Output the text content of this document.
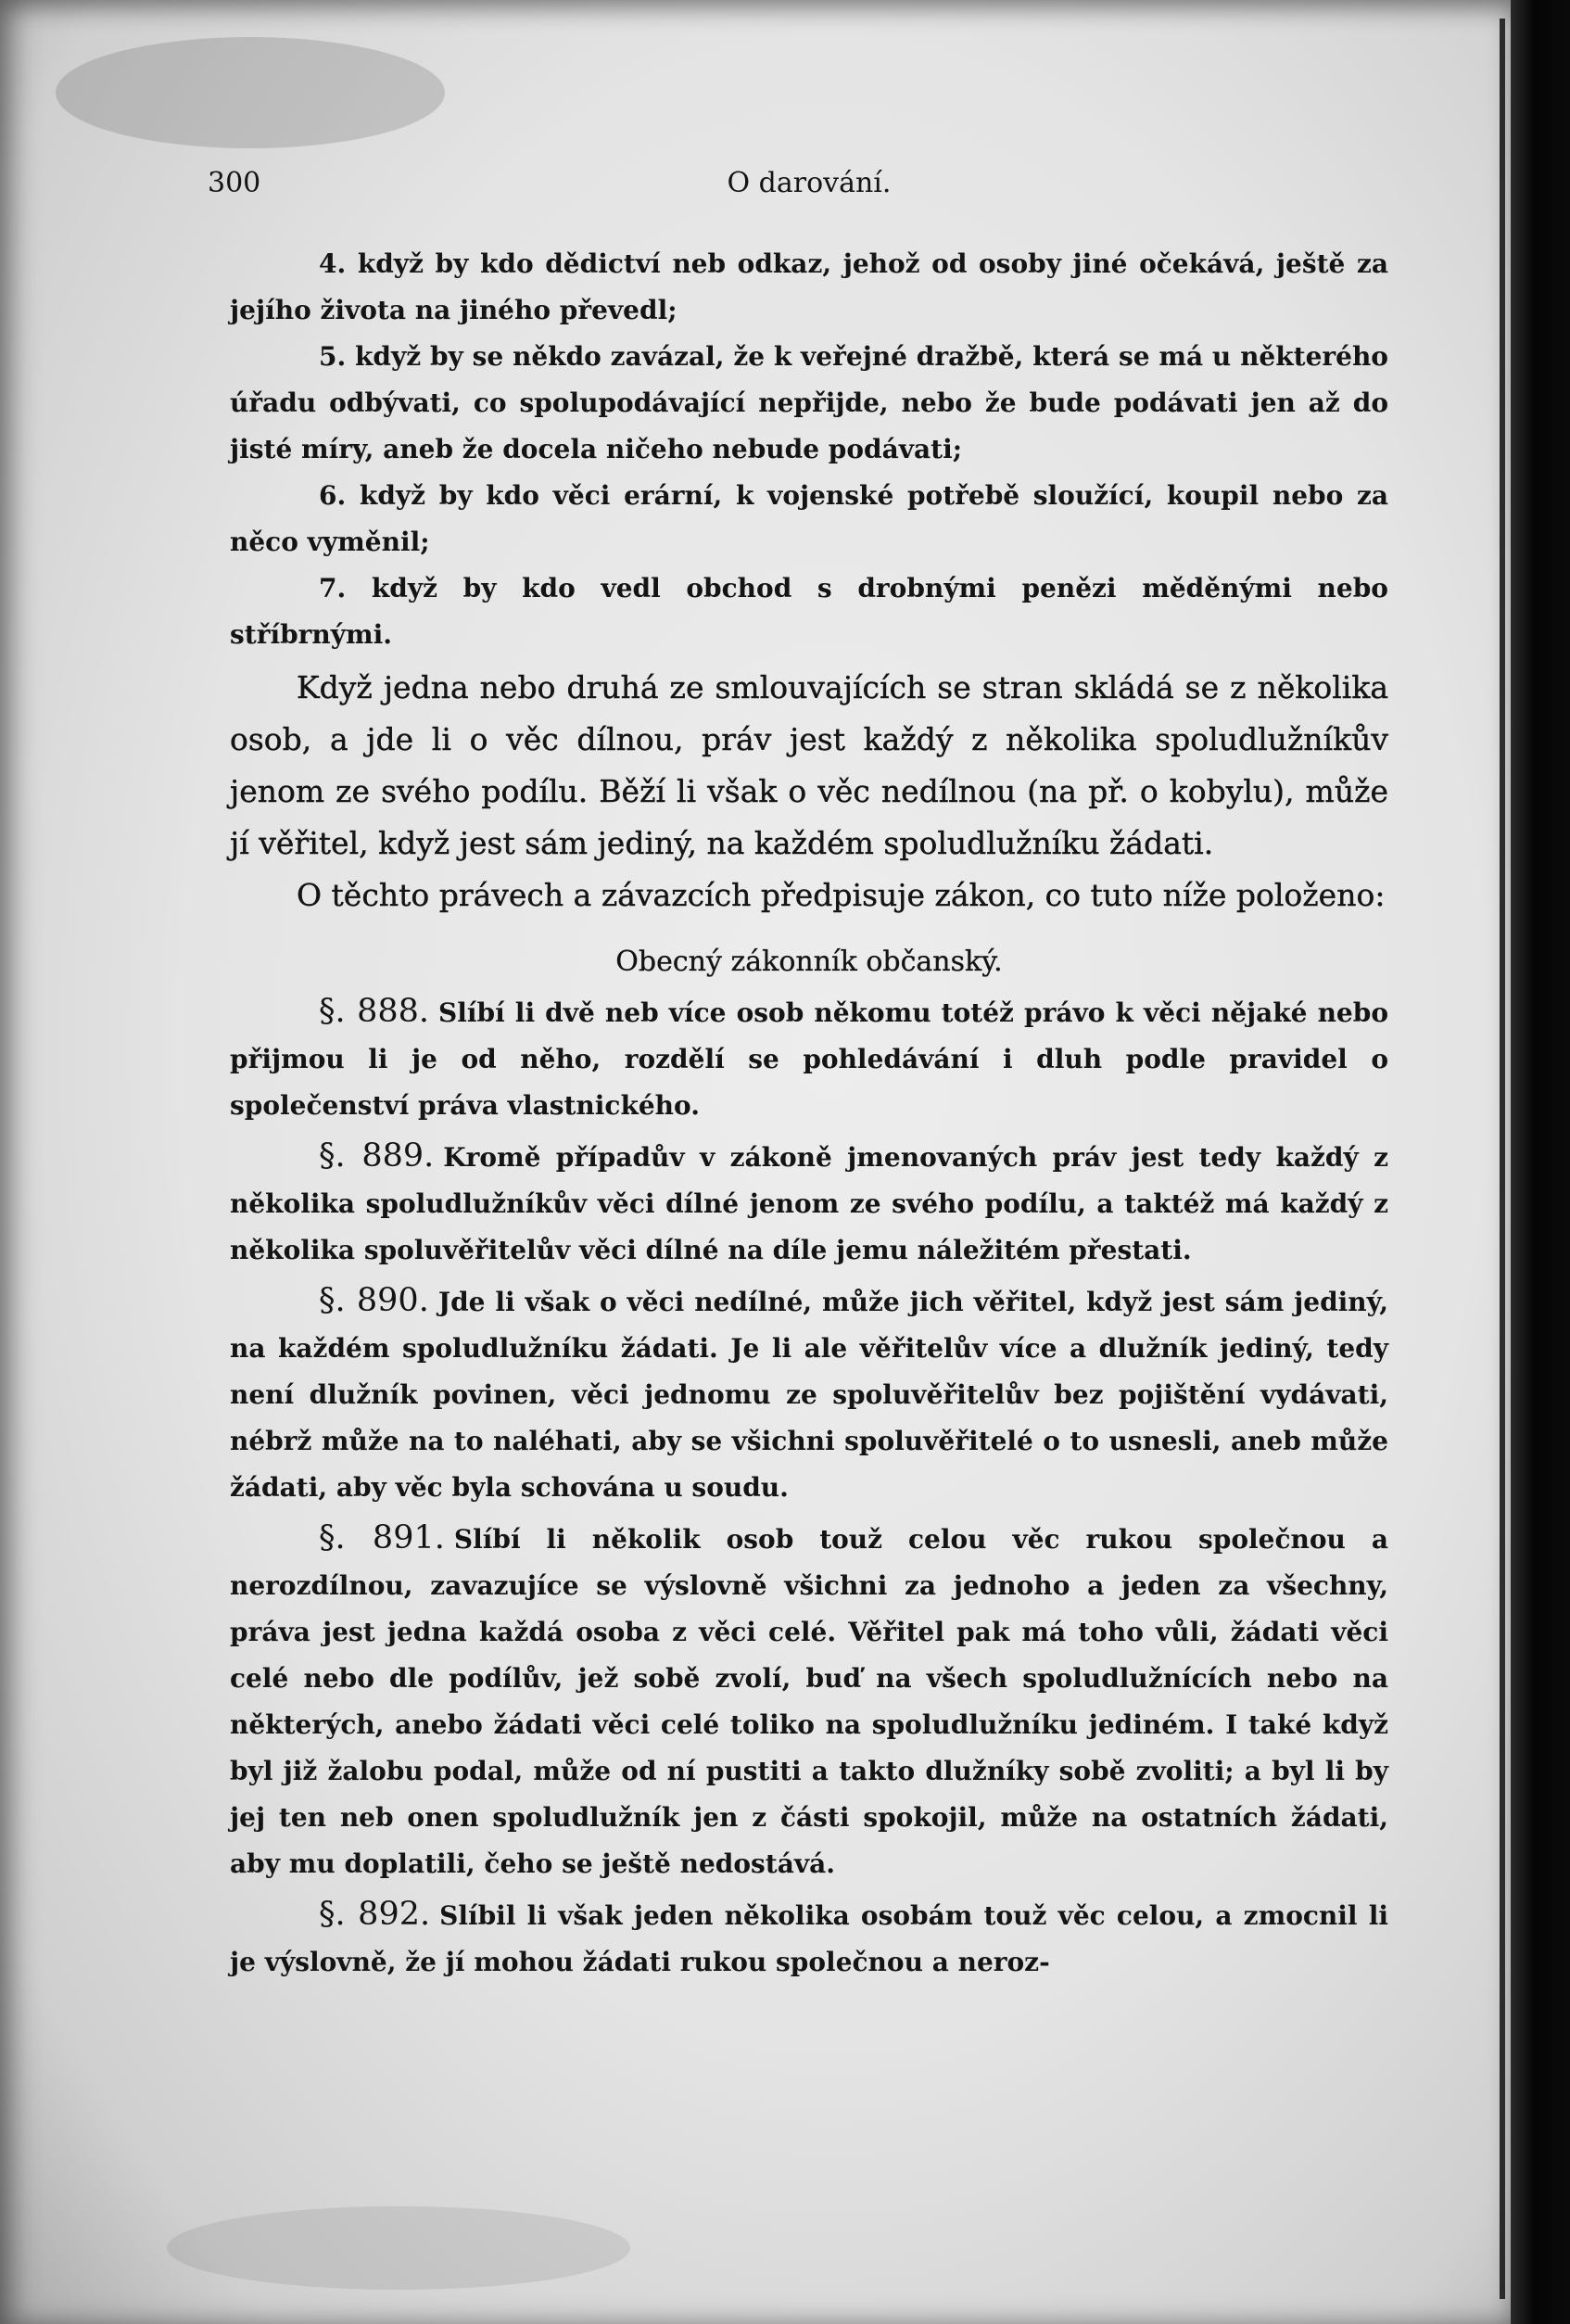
300	O darování.

4. když by kdo dědictví neb odkaz, jehož od osoby jiné očekává, ještě za jejího života na jiného převedl;

5. když by se někdo zavázal, že k veřejné dražbě, která se má u některého úřadu odbývati, co spolupodávající nepřijde, nebo že bude podávati jen až do jisté míry, aneb že docela ničeho nebude podávati;

6. když by kdo věci erární, k vojenské potřebě sloužící, koupil nebo za něco vyměnil;

7. když by kdo vedl obchod s drobnými penězi měděnými nebo stříbrnými.

Když jedna nebo druhá ze smlouvajících se stran skládá se z několika osob, a jde li o věc dílnou, práv jest každý z několika spoludlužníkův jenom ze svého podílu. Běží li však o věc nedílnou (na př. o kobylu), může jí věřitel, když jest sám jediný, na každém spoludlužníku žádati.

O těchto právech a závazcích předpisuje zákon, co tuto níže položeno:

Obecný zákonník občanský.

§. 888. Slíbí li dvě neb více osob někomu totéž právo k věci nějaké nebo přijmou li je od něho, rozdělí se pohledávání i dluh podle pravidel o společenství práva vlastnického.

§. 889. Kromě případův v zákoně jmenovaných práv jest tedy každý z několika spoludlužníkův věci dílné jenom ze svého podílu, a taktéž má každý z několika spoluvěřitelův věci dílné na díle jemu náležitém přestati.

§. 890. Jde li však o věci nedílné, může jich věřitel, když jest sám jediný, na každém spoludlužníku žádati. Je li ale věřitelův více a dlužník jediný, tedy není dlužník povinen, věci jednomu ze spoluvěřitelův bez pojištění vydávati, nébrž může na to naléhati, aby se všichni spoluvěřitelé o to usnesli, aneb může žádati, aby věc byla schována u soudu.

§. 891. Slíbí li několik osob touž celou věc rukou společnou a nerozdílnou, zavazujíce se výslovně všichni za jednoho a jeden za všechny, práva jest jedna každá osoba z věci celé. Věřitel pak má toho vůli, žádati věci celé nebo dle podílův, jež sobě zvolí, buď na všech spoludlužnících nebo na některých, anebo žádati věci celé toliko na spoludlužníku jediném. I také když byl již žalobu podal, může od ní pustiti a takto dlužníky sobě zvoliti; a byl li by jej ten neb onen spoludlužník jen z části spokojil, může na ostatních žádati, aby mu doplatili, čeho se ještě nedostává.

§. 892. Slíbil li však jeden několika osobám touž věc celou, a zmocnil li je výslovně, že jí mohou žádati rukou společnou a neroz-
